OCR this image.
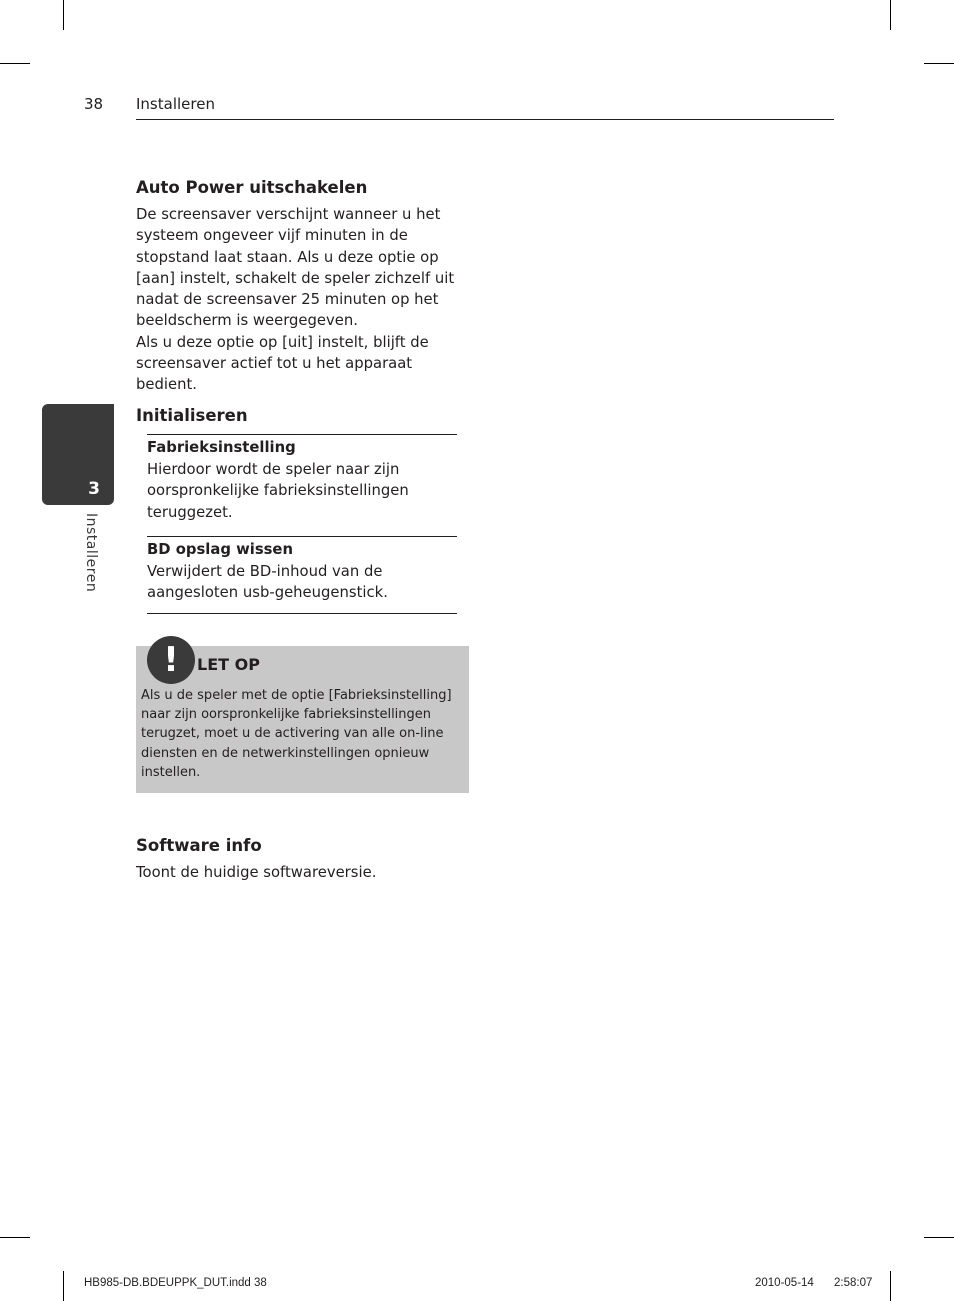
38 Installeren
3
Installeren
Auto Power uitschakelen
De screensaver verschijnt wanneer u het systeem ongeveer vijf minuten in de stopstand laat staan. Als u deze optie op [aan] instelt, schakelt de speler zichzelf uit nadat de screensaver 25 minuten op het beeldscherm is weergegeven.
Als u deze optie op [uit] instelt, blijft de screensaver actief tot u het apparaat bedient.
Initialiseren
Fabrieksinstelling
Hierdoor wordt de speler naar zijn oorspronkelijke fabrieksinstellingen teruggezet.
BD opslag wissen
Verwijdert de BD-inhoud van de aangesloten usb-geheugenstick.
!	LET OP
Als u de speler met de optie [Fabrieksinstelling] naar zijn oorspronkelijke fabrieksinstellingen terugzet, moet u de activering van alle on-line diensten en de netwerkinstellingen opnieuw instellen.
Software info
Toont de huidige softwareversie.
HB985-DB.BDEUPPK_DUT.indd 38	2010-05-14 2:58:07
